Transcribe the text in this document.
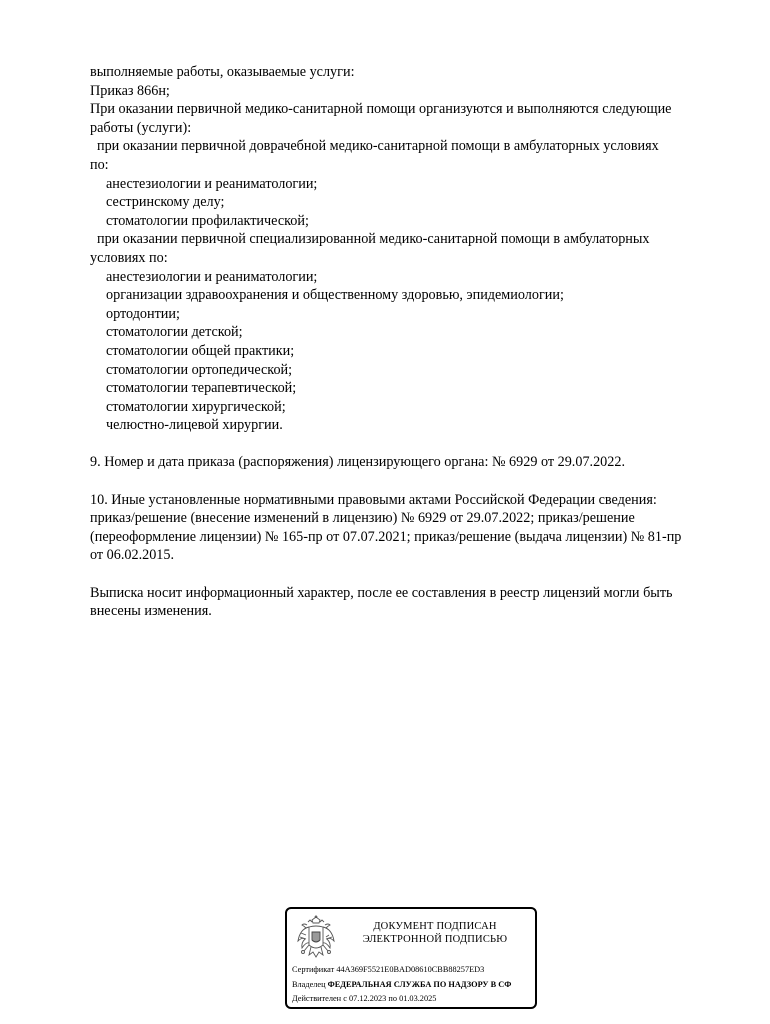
выполняемые работы, оказываемые услуги:
Приказ 866н;
При оказании первичной медико-санитарной помощи организуются и выполняются следующие
работы (услуги):
при оказании первичной доврачебной медико-санитарной помощи в амбулаторных условиях
по:
анестезиологии и реаниматологии;
сестринскому делу;
стоматологии профилактической;
при оказании первичной специализированной медико-санитарной помощи в амбулаторных
условиях по:
анестезиологии и реаниматологии;
организации здравоохранения и общественному здоровью, эпидемиологии;
ортодонтии;
стоматологии детской;
стоматологии общей практики;
стоматологии ортопедической;
стоматологии терапевтической;
стоматологии хирургической;
челюстно-лицевой хирургии.
9. Номер и дата приказа (распоряжения) лицензирующего органа: № 6929 от 29.07.2022.
10. Иные установленные нормативными правовыми актами Российской Федерации сведения:
приказ/решение (внесение изменений в лицензию) № 6929 от 29.07.2022; приказ/решение
(переоформление лицензии) № 165-пр от 07.07.2021; приказ/решение (выдача лицензии) № 81-пр
от 06.02.2015.
Выписка носит информационный характер, после ее составления в реестр лицензий могли быть
внесены изменения.
ДОКУМЕНТ ПОДПИСАН
ЭЛЕКТРОННОЙ ПОДПИСЬЮ
Сертификат 44A369F5521E0BAD08610CBB88257ED3
Владелец ФЕДЕРАЛЬНАЯ СЛУЖБА ПО НАДЗОРУ В СФ
Действителен с 07.12.2023 по 01.03.2025
